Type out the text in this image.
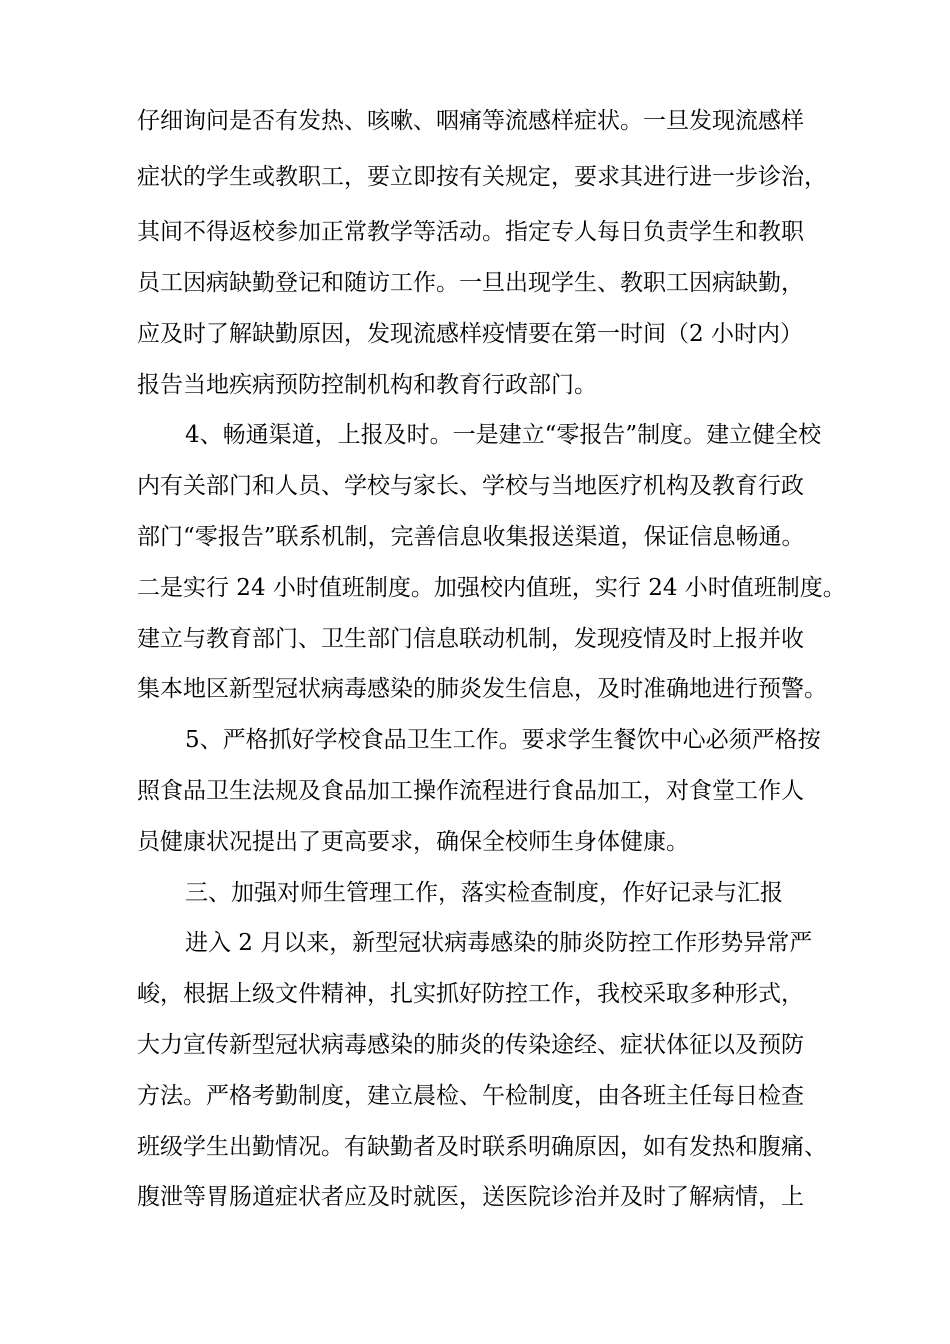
仔细询问是否有发热、咳嗽、咽痛等流感样症状。一旦发现流感样
症状的学生或教职工，要立即按有关规定，要求其进行进一步诊治，
其间不得返校参加正常教学等活动。指定专人每日负责学生和教职
员工因病缺勤登记和随访工作。一旦出现学生、教职工因病缺勤，
应及时了解缺勤原因，发现流感样疫情要在第一时间（2 小时内）
报告当地疾病预防控制机构和教育行政部门。
4、畅通渠道，上报及时。一是建立“零报告”制度。建立健全校
内有关部门和人员、学校与家长、学校与当地医疗机构及教育行政
部门“零报告”联系机制，完善信息收集报送渠道，保证信息畅通。
二是实行 24 小时值班制度。加强校内值班，实行 24 小时值班制度。
建立与教育部门、卫生部门信息联动机制，发现疫情及时上报并收
集本地区新型冠状病毒感染的肺炎发生信息，及时准确地进行预警。
5、严格抓好学校食品卫生工作。要求学生餐饮中心必须严格按
照食品卫生法规及食品加工操作流程进行食品加工，对食堂工作人
员健康状况提出了更高要求，确保全校师生身体健康。
三、加强对师生管理工作，落实检查制度，作好记录与汇报
进入 2 月以来，新型冠状病毒感染的肺炎防控工作形势异常严
峻，根据上级文件精神，扎实抓好防控工作，我校采取多种形式，
大力宣传新型冠状病毒感染的肺炎的传染途经、症状体征以及预防
方法。严格考勤制度，建立晨检、午检制度，由各班主任每日检查
班级学生出勤情况。有缺勤者及时联系明确原因，如有发热和腹痛、
腹泄等胃肠道症状者应及时就医，送医院诊治并及时了解病情，上
